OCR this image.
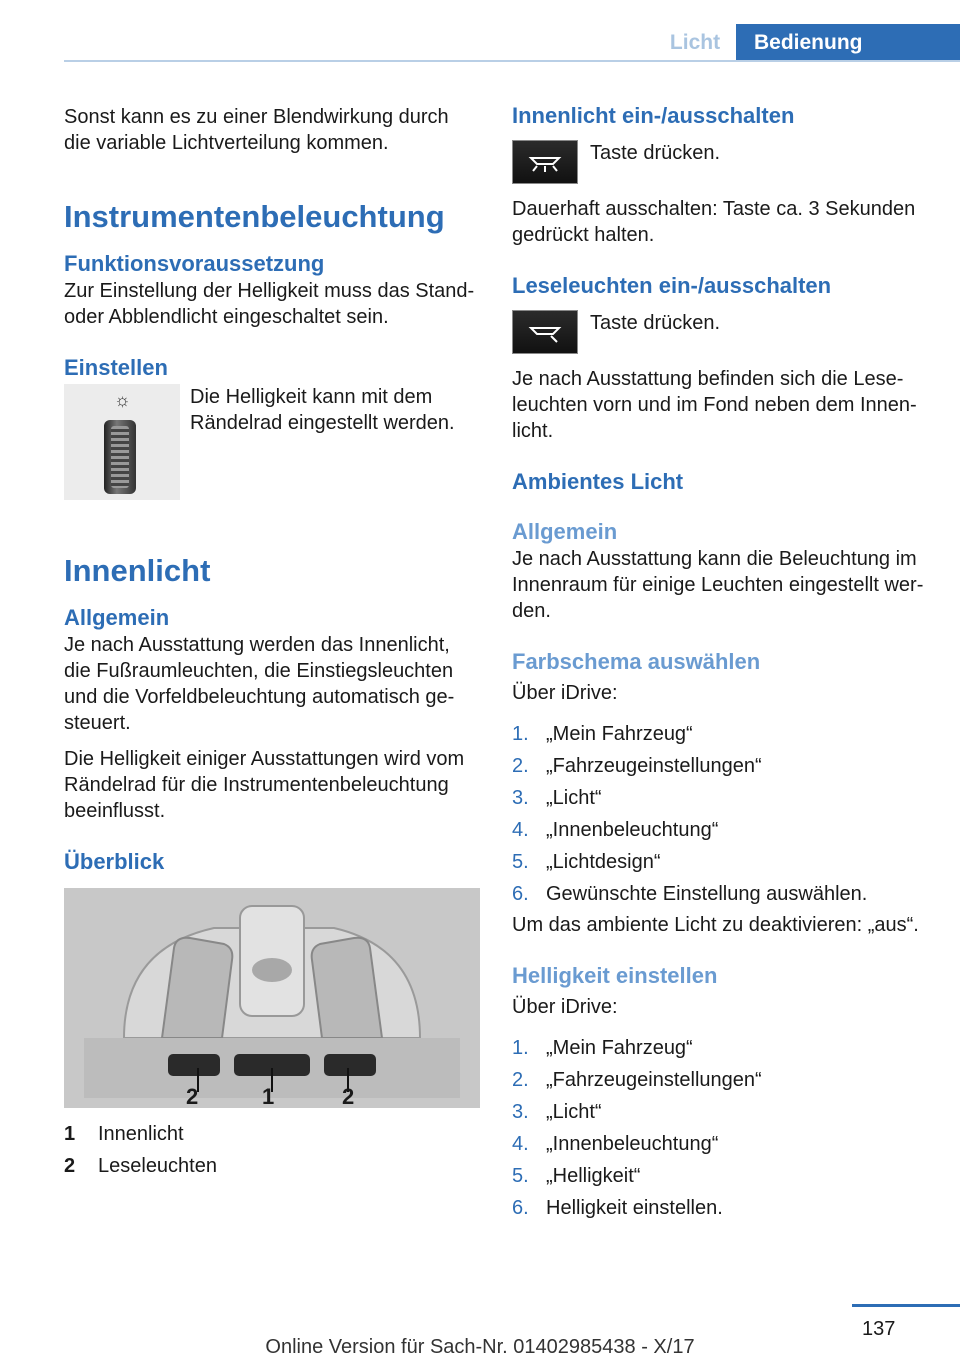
Licht	Bedienung

Sonst kann es zu einer Blendwirkung durch die variable Lichtverteilung kommen.

Instrumentenbeleuchtung
Funktionsvoraussetzung

Zur Einstellung der Helligkeit muss das Stand- oder Abblendlicht eingeschaltet sein.

Einstellen
☼	Die Helligkeit kann mit dem Rändelrad eingestellt werden.

Innenlicht
Allgemein

Je nach Ausstattung werden das Innenlicht, die Fußraumleuchten, die Einstiegsleuchten und die Vorfeldbeleuchtung automatisch gesteuert.

Die Helligkeit einiger Ausstattungen wird vom Rändelrad für die Instrumentenbeleuchtung beeinflusst.

Überblick
2	1	2
1	Innenlicht
2	Leseleuchten
Innenlicht ein-/ausschalten

Taste drücken.

Dauerhaft ausschalten: Taste ca. 3 Sekunden gedrückt halten.

Leseleuchten ein-/ausschalten

Taste drücken.

Je nach Ausstattung befinden sich die Leseleuchten vorn und im Fond neben dem Innenlicht.

Ambientes Licht
Allgemein

Je nach Ausstattung kann die Beleuchtung im Innenraum für einige Leuchten eingestellt werden.

Farbschema auswählen

Über iDrive:

1. „Mein Fahrzeug“
2. „Fahrzeugeinstellungen“
3. „Licht“
4. „Innenbeleuchtung“
5. „Lichtdesign“
6. Gewünschte Einstellung auswählen.

Um das ambiente Licht zu deaktivieren: „aus“.

Helligkeit einstellen

Über iDrive:

1. „Mein Fahrzeug“
2. „Fahrzeugeinstellungen“
3. „Licht“
4. „Innenbeleuchtung“
5. „Helligkeit“
6. Helligkeit einstellen.
137
Online Version für Sach-Nr. 01402985438 - X/17
